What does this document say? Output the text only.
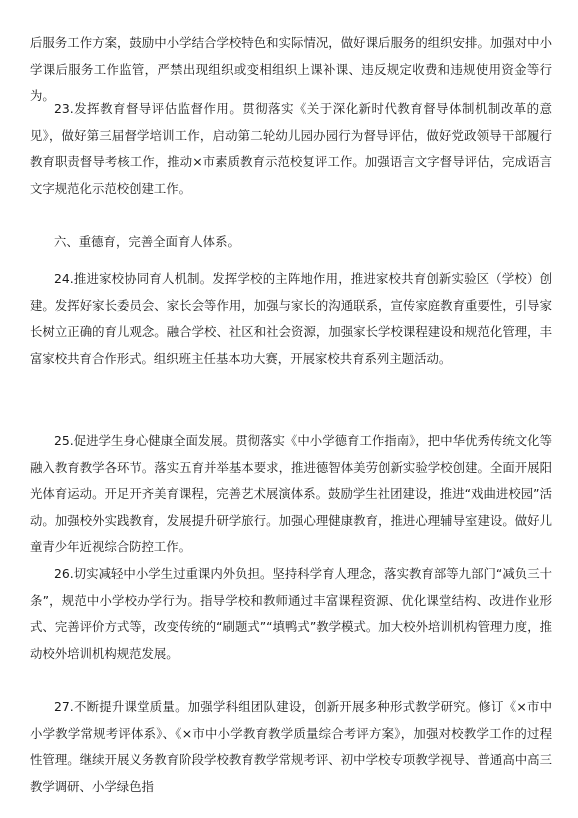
后服务工作方案，鼓励中小学结合学校特色和实际情况，做好课后服务的组织安排。加强对中小学课后服务工作监管，严禁出现组织或变相组织上课补课、违反规定收费和违规使用资金等行为。

23.发挥教育督导评估监督作用。贯彻落实《关于深化新时代教育督导体制机制改革的意见》，做好第三届督学培训工作，启动第二轮幼儿园办园行为督导评估，做好党政领导干部履行教育职责督导考核工作，推动×市素质教育示范校复评工作。加强语言文字督导评估，完成语言文字规范化示范校创建工作。

六、重德育，完善全面育人体系。

24.推进家校协同育人机制。发挥学校的主阵地作用，推进家校共育创新实验区（学校）创建。发挥好家长委员会、家长会等作用，加强与家长的沟通联系，宣传家庭教育重要性，引导家长树立正确的育儿观念。融合学校、社区和社会资源，加强家长学校课程建设和规范化管理，丰富家校共育合作形式。组织班主任基本功大赛，开展家校共育系列主题活动。

25.促进学生身心健康全面发展。贯彻落实《中小学德育工作指南》，把中华优秀传统文化等融入教育教学各环节。落实五育并举基本要求，推进德智体美劳创新实验学校创建。全面开展阳光体育运动。开足开齐美育课程，完善艺术展演体系。鼓励学生社团建设，推进“戏曲进校园”活动。加强校外实践教育，发展提升研学旅行。加强心理健康教育，推进心理辅导室建设。做好儿童青少年近视综合防控工作。

26.切实减轻中小学生过重课内外负担。坚持科学育人理念，落实教育部等九部门“减负三十条”，规范中小学校办学行为。指导学校和教师通过丰富课程资源、优化课堂结构、改进作业形式、完善评价方式等，改变传统的“刷题式”“填鸭式”教学模式。加大校外培训机构管理力度，推动校外培训机构规范发展。

27.不断提升课堂质量。加强学科组团队建设，创新开展多种形式教学研究。修订《×市中小学教学常规考评体系》、《×市中小学教育教学质量综合考评方案》，加强对校教学工作的过程性管理。继续开展义务教育阶段学校教育教学常规考评、初中学校专项教学视导、普通高中高三教学调研、小学绿色指
